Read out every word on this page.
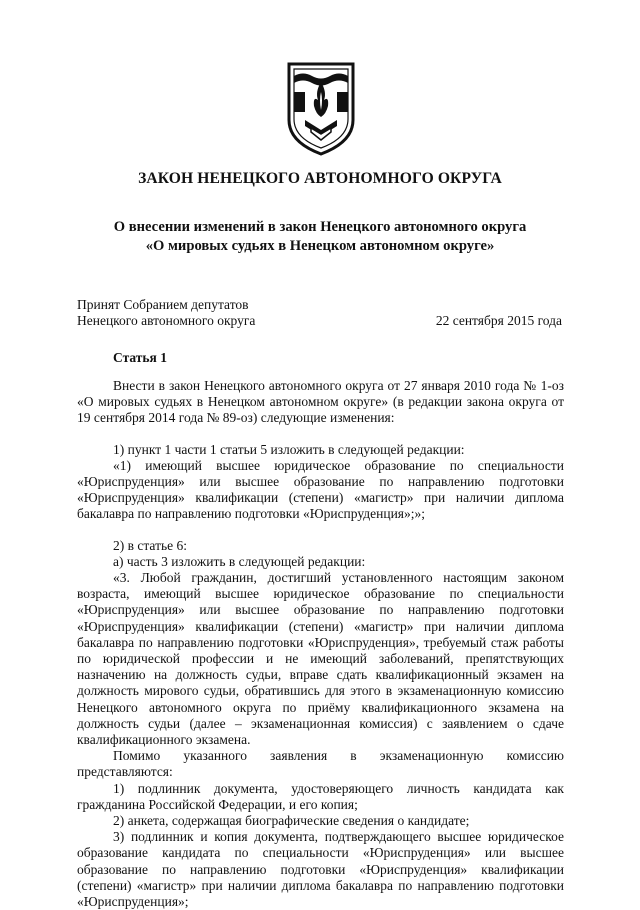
ЗАКОН НЕНЕЦКОГО АВТОНОМНОГО ОКРУГА
О внесении изменений в закон Ненецкого автономного округа
«О мировых судьях в Ненецком автономном округе»
Принят Собранием депутатов
Ненецкого автономного округа	22 сентября 2015 года
Статья 1

Внести в закон Ненецкого автономного округа от 27 января 2010 года № 1-оз «О мировых судьях в Ненецком автономном округе» (в редакции закона округа от 19 сентября 2014 года № 89-оз) следующие изменения:

1) пункт 1 части 1 статьи 5 изложить в следующей редакции:

«1) имеющий высшее юридическое образование по специальности «Юриспруденция» или высшее образование по направлению подготовки «Юриспруденция» квалификации (степени) «магистр» при наличии диплома бакалавра по направлению подготовки «Юриспруденция»;»;

2) в статье 6:

а) часть 3 изложить в следующей редакции:

«3. Любой гражданин, достигший установленного настоящим законом возраста, имеющий высшее юридическое образование по специальности «Юриспруденция» или высшее образование по направлению подготовки «Юриспруденция» квалификации (степени) «магистр» при наличии диплома бакалавра по направлению подготовки «Юриспруденция», требуемый стаж работы по юридической профессии и не имеющий заболеваний, препятствующих назначению на должность судьи, вправе сдать квалификационный экзамен на должность мирового судьи, обратившись для этого в экзаменационную комиссию Ненецкого автономного округа по приёму квалификационного экзамена на должность судьи (далее – экзаменационная комиссия) с заявлением о сдаче квалификационного экзамена.

Помимо указанного заявления в экзаменационную комиссию представляются:

1) подлинник документа, удостоверяющего личность кандидата как гражданина Российской Федерации, и его копия;

2) анкета, содержащая биографические сведения о кандидате;

3) подлинник и копия документа, подтверждающего высшее юридическое образование кандидата по специальности «Юриспруденция» или высшее образование по направлению подготовки «Юриспруденция» квалификации (степени) «магистр» при наличии диплома бакалавра по направлению подготовки «Юриспруденция»;
